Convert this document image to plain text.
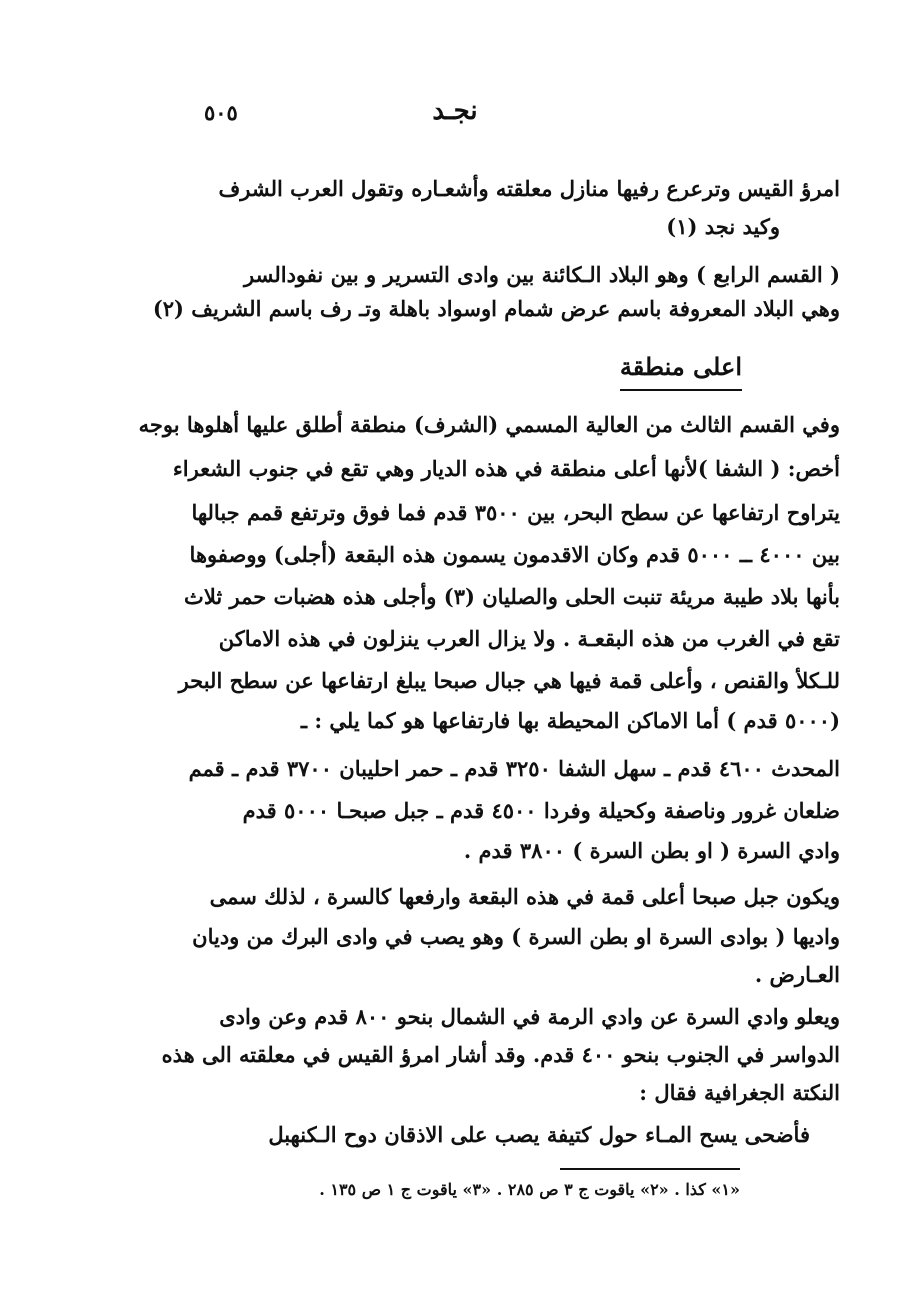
٥٠٥	نجـد
امرؤ القيس وترعرع رفيها منازل معلقته وأشعـاره وتقول العرب الشرف
وكيد نجد (١)
( القسم الرابع ) وهو البلاد الـكائنة بين وادى التسرير و بين نفودالسر
وهي البلاد المعروفة باسم عرض شمام اوسواد باهلة وتـ رف باسم الشريف (٢)
اعلى منطقة
وفي القسم الثالث من العالية المسمي (الشرف) منطقة أطلق عليها أهلوها بوجه
أخص: ( الشفا )لأنها أعلى منطقة في هذه الديار وهي تقع في جنوب الشعراء
يتراوح ارتفاعها عن سطح البحر، بين ٣٥٠٠ قدم فما فوق وترتفع قمم جبالها
بين ٤٠٠٠ ــ ٥٠٠٠ قدم وكان الاقدمون يسمون هذه البقعة (أجلى) ووصفوها
بأنها بلاد طيبة مريئة تنبت الحلى والصليان (٣) وأجلى هذه هضبات حمر ثلاث
تقع في الغرب من هذه البقعـة . ولا يزال العرب ينزلون في هذه الاماكن
للـكلأ والقنص ، وأعلى قمة فيها هي جبال صبحا يبلغ ارتفاعها عن سطح البحر
(٥٠٠٠ قدم ) أما الاماكن المحيطة بها فارتفاعها هو كما يلي : ـ
المحدث ٤٦٠٠ قدم ـ سهل الشفا ٣٢٥٠ قدم ـ حمر احليبان ٣٧٠٠ قدم ـ قمم
ضلعان غرور وناصفة وكحيلة وفردا ٤٥٠٠ قدم ـ جبل صبحـا ٥٠٠٠ قدم
وادي السرة ( او بطن السرة ) ٣٨٠٠ قدم .
ويكون جبل صبحا أعلى قمة في هذه البقعة وارفعها كالسرة ، لذلك سمى
واديها ( بوادى السرة او بطن السرة ) وهو يصب في وادى البرك من وديان
العـارض .
ويعلو وادي السرة عن وادي الرمة في الشمال بنحو ٨٠٠ قدم وعن وادى
الدواسر في الجنوب بنحو ٤٠٠ قدم. وقد أشار امرؤ القيس في معلقته الى هذه
النكتة الجغرافية فقال :
فأضحى يسح المـاء حول كتيفة يصب على الاذقان دوح الـكنهبل
«١» كذا . «٢» ياقوت ج ٣ ص ٢٨٥ . «٣» ياقوت ج ١ ص ١٣٥ .
